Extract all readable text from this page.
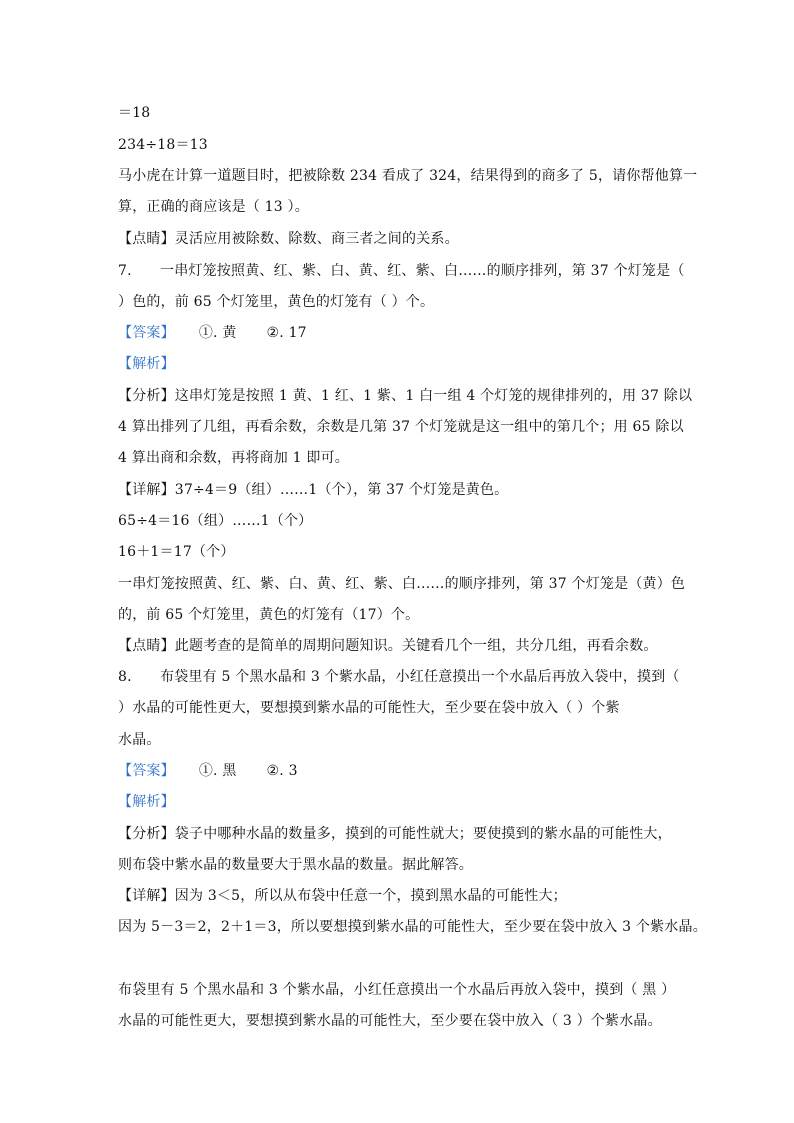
＝18
234÷18＝13
马小虎在计算一道题目时，把被除数 234 看成了 324，结果得到的商多了 5，请你帮他算一
算，正确的商应该是（ 13 ）。
【点睛】灵活应用被除数、除数、商三者之间的关系。
7. 一串灯笼按照黄、红、紫、白、黄、红、紫、白……的顺序排列，第 37 个灯笼是（
）色的，前 65 个灯笼里，黄色的灯笼有（ ）个。
【答案】 ①. 黄 ②. 17
【解析】
【分析】这串灯笼是按照 1 黄、1 红、1 紫、1 白一组 4 个灯笼的规律排列的，用 37 除以
4 算出排列了几组，再看余数，余数是几第 37 个灯笼就是这一组中的第几个；用 65 除以
4 算出商和余数，再将商加 1 即可。
【详解】37÷4＝9（组）……1（个），第 37 个灯笼是黄色。
65÷4＝16（组）……1（个）
16＋1＝17（个）
一串灯笼按照黄、红、紫、白、黄、红、紫、白……的顺序排列，第 37 个灯笼是（黄）色
的，前 65 个灯笼里，黄色的灯笼有（17）个。
【点睛】此题考查的是简单的周期问题知识。关键看几个一组，共分几组，再看余数。
8. 布袋里有 5 个黑水晶和 3 个紫水晶，小红任意摸出一个水晶后再放入袋中，摸到（
）水晶的可能性更大，要想摸到紫水晶的可能性大，至少要在袋中放入（ ）个紫
水晶。
【答案】 ①. 黑 ②. 3
【解析】
【分析】袋子中哪种水晶的数量多，摸到的可能性就大；要使摸到的紫水晶的可能性大，
则布袋中紫水晶的数量要大于黑水晶的数量。据此解答。
【详解】因为 3＜5，所以从布袋中任意一个，摸到黑水晶的可能性大；
因为 5－3＝2，2＋1＝3，所以要想摸到紫水晶的可能性大，至少要在袋中放入 3 个紫水晶。
布袋里有 5 个黑水晶和 3 个紫水晶，小红任意摸出一个水晶后再放入袋中，摸到（ 黑 ）
水晶的可能性更大，要想摸到紫水晶的可能性大，至少要在袋中放入（ 3 ）个紫水晶。
